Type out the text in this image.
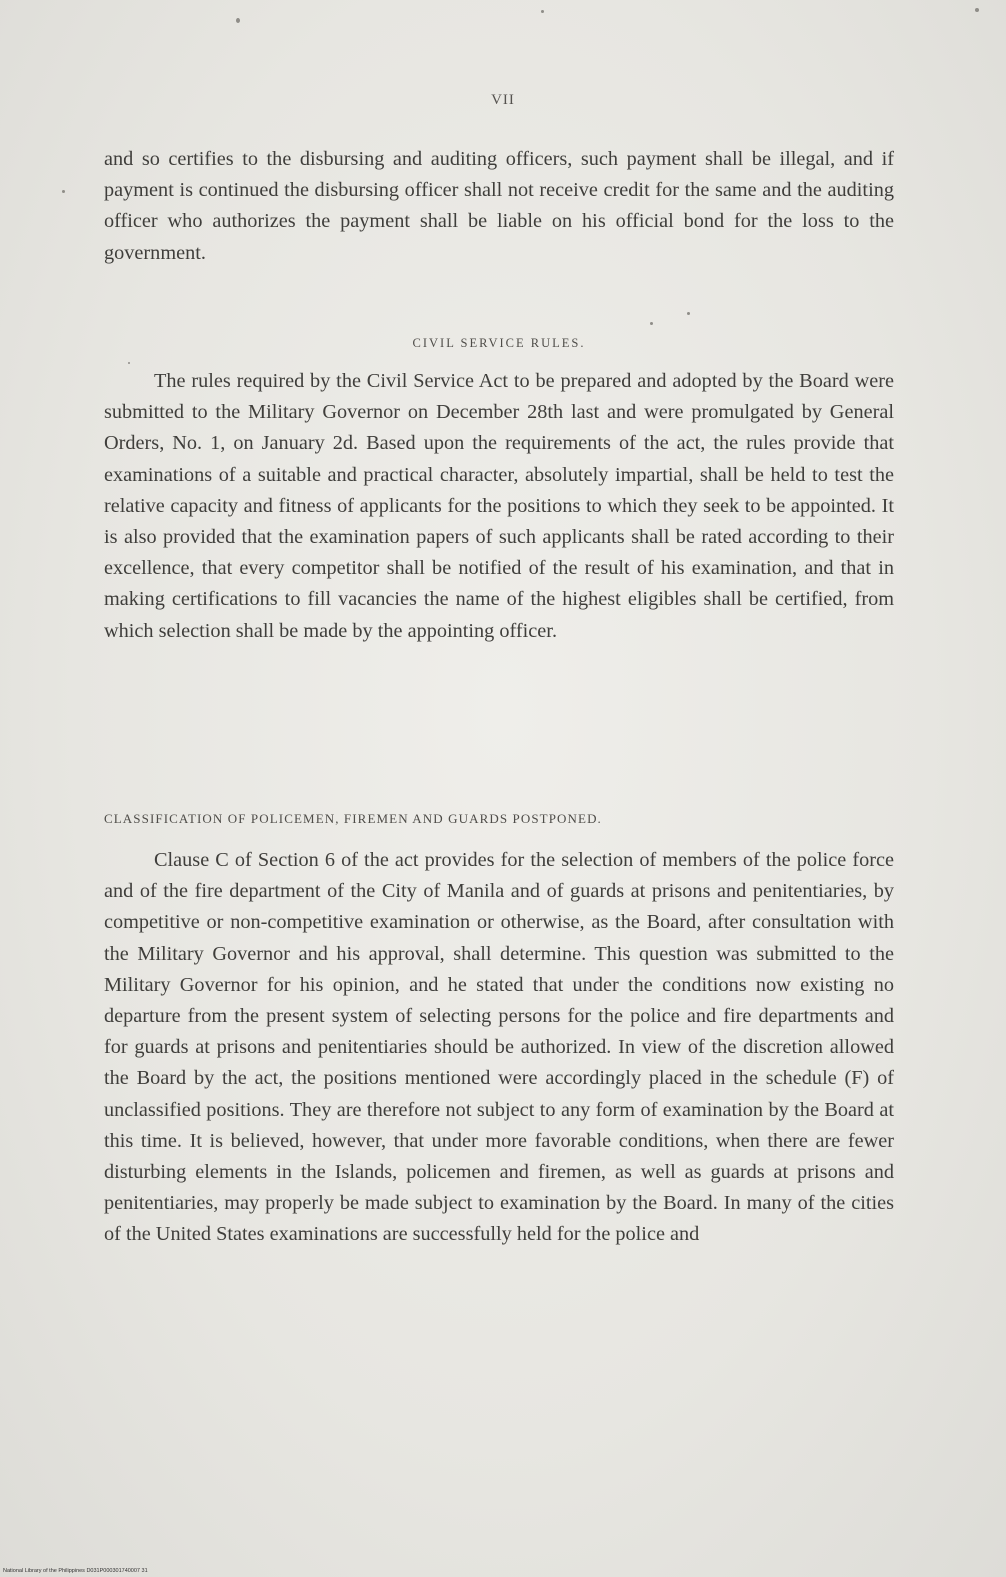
VII

and so certifies to the disbursing and auditing officers, such payment shall be illegal, and if payment is continued the disbursing officer shall not receive credit for the same and the auditing officer who authorizes the payment shall be liable on his official bond for the loss to the government.

CIVIL SERVICE RULES.

The rules required by the Civil Service Act to be prepared and adopted by the Board were submitted to the Military Governor on December 28th last and were promulgated by General Orders, No. 1, on January 2d. Based upon the requirements of the act, the rules provide that examinations of a suitable and practical character, absolutely impartial, shall be held to test the relative capacity and fitness of applicants for the positions to which they seek to be appointed. It is also provided that the examination papers of such applicants shall be rated according to their excellence, that every competitor shall be notified of the result of his examination, and that in making certifications to fill vacancies the name of the highest eligibles shall be certified, from which selection shall be made by the appointing officer.

CLASSIFICATION OF POLICEMEN, FIREMEN AND GUARDS POSTPONED.

Clause C of Section 6 of the act provides for the selection of members of the police force and of the fire department of the City of Manila and of guards at prisons and penitentiaries, by competitive or non-competitive examination or otherwise, as the Board, after consultation with the Military Governor and his approval, shall determine. This question was submitted to the Military Governor for his opinion, and he stated that under the conditions now existing no departure from the present system of selecting persons for the police and fire departments and for guards at prisons and penitentiaries should be authorized. In view of the discretion allowed the Board by the act, the positions mentioned were accordingly placed in the schedule (F) of unclassified positions. They are therefore not subject to any form of examination by the Board at this time. It is believed, however, that under more favorable conditions, when there are fewer disturbing elements in the Islands, policemen and firemen, as well as guards at prisons and penitentiaries, may properly be made subject to examination by the Board. In many of the cities of the United States examinations are successfully held for the police and

National Library of the Philippines D031P000301740007 31
